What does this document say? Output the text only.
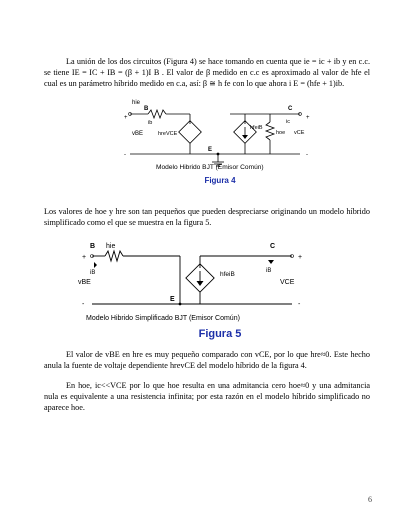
La unión de los dos circuitos (Figura 4) se hace tomando en cuenta que ie = ic + ib y en c.c. se tiene IE = IC + IB = (β + 1)I B . El valor de β medido en c.c es aproximado al valor de hfe el cual es un parámetro híbrido medido en c.a, así: β ≅ h fe con lo que ahora i E = (hfe + 1)ib.
hie
B
+
ib
vBE	hreVCE
-
C
+
ic
hfeiB
hoe vCE
-
E
Modelo Hibrido BJT (Emisor Común)
Figura 4
Los valores de hoe y hre son tan pequeños que pueden despreciarse originando un modelo híbrido simplificado como el que se muestra en la figura 5.
B hie
+
iB
vBE
-
hfeiB
C
+
iB
VCE
-
E
Modelo Hibrido Simplificado BJT (Emisor Común)
Figura 5
El valor de vBE en hre es muy pequeño comparado con vCE, por lo que hre≈0. Este hecho anula la fuente de voltaje dependiente hrevCE del modelo híbrido de la figura 4.
En hoe, ic<<VCE por lo que hoe resulta en una admitancia cero hoe≈0 y una admitancia nula es equivalente a una resistencia infinita; por esta razón en el modelo híbrido simplificado no aparece hoe.
6
